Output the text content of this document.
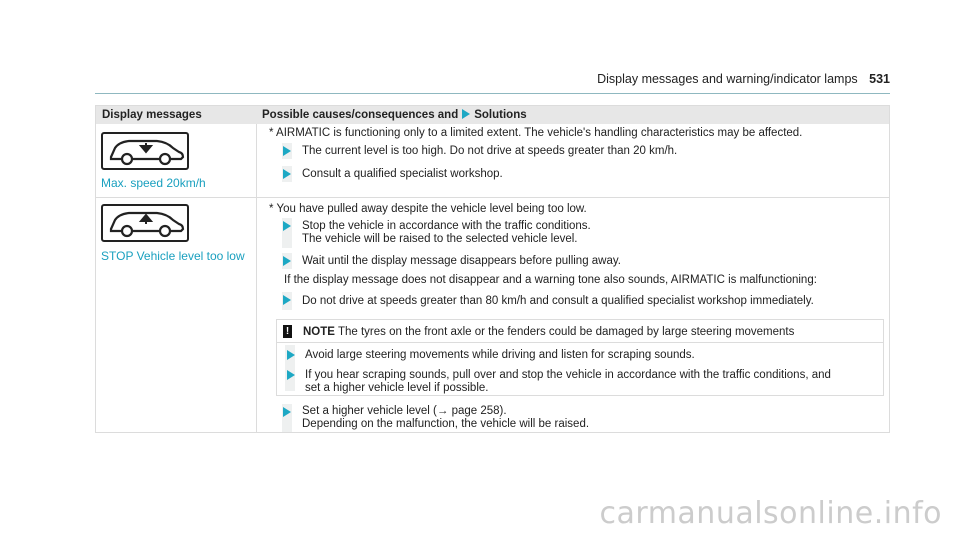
Display messages and warning/indicator lamps 531
Display messages	Possible causes/consequences and Solutions
Max. speed 20km/h
* AIRMATIC is functioning only to a limited extent. The vehicle's handling characteristics may be affected.
The current level is too high. Do not drive at speeds greater than 20 km/h.
Consult a qualified specialist workshop.
STOP Vehicle level too low
* You have pulled away despite the vehicle level being too low.
Stop the vehicle in accordance with the traffic conditions.
The vehicle will be raised to the selected vehicle level.
Wait until the display message disappears before pulling away.
If the display message does not disappear and a warning tone also sounds, AIRMATIC is malfunctioning:
Do not drive at speeds greater than 80 km/h and consult a qualified specialist workshop immediately.
! NOTE The tyres on the front axle or the fenders could be damaged by large steering movements
Avoid large steering movements while driving and listen for scraping sounds.
If you hear scraping sounds, pull over and stop the vehicle in accordance with the traffic conditions, and
set a higher vehicle level if possible.
Set a higher vehicle level (→ page 258).
Depending on the malfunction, the vehicle will be raised.
carmanualsonline.info
